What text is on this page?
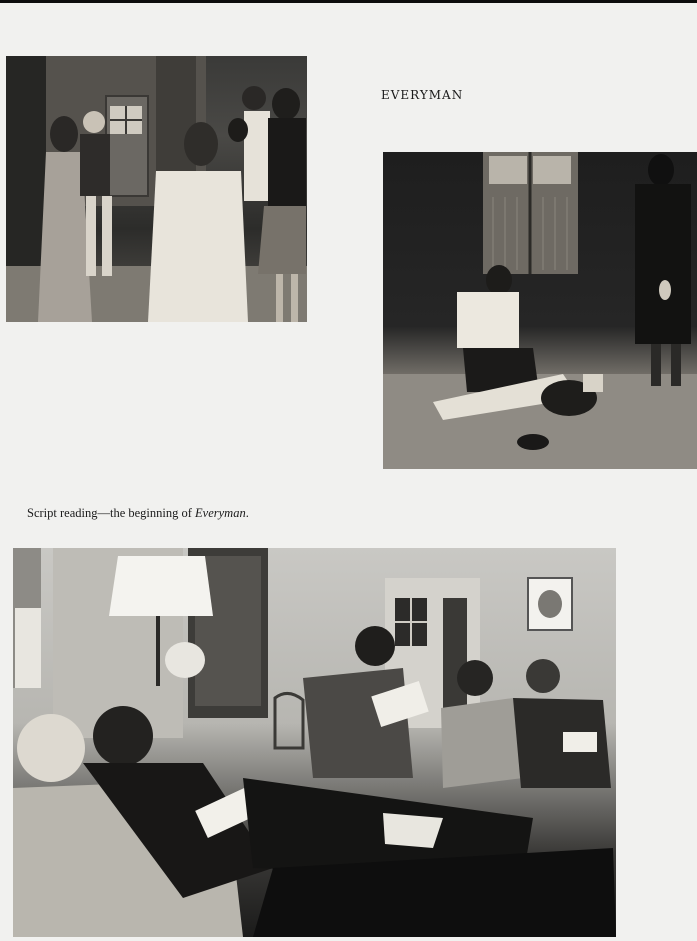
EVERYMAN
Script reading—the beginning of Everyman.
